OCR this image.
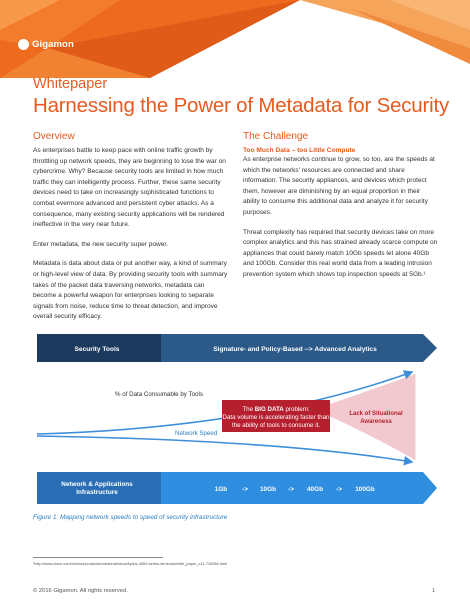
Gigamon
Whitepaper
Harnessing the Power of Metadata for Security
Overview

As enterprises battle to keep pace with online traffic growth by throttling up network speeds, they are beginning to lose the war on cybercrime. Why? Because security tools are limited in how much traffic they can intelligently process. Further, these same security devices need to take on increasingly sophisticated functions to combat evermore advanced and persistent cyber attacks. As a consequence, many existing security applications will be rendered ineffective in the very near future.

Enter metadata, the new security super power.

Metadata is data about data or put another way, a kind of summary or high-level view of data. By providing security tools with summary takes of the packet data traversing networks, metadata can become a powerful weapon for enterprises looking to separate signals from noise, reduce time to threat detection, and improve overall security efficacy.

The Challenge
Too Much Data – too Little Compute

As enterprise networks continue to grow, so too, are the speeds at which the networks' resources are connected and share information. The security appliances, and devices which protect them, however are diminishing by an equal proportion in their ability to consume this additional data and analyze it for security purposes.

Threat complexity has required that security devices take on more complex analytics and this has strained already scarce compute on appliances that could barely match 10Gb speeds let alone 40Gb and 100Gb. Consider this real world data from a leading intrusion prevention system which shows top inspection speeds at 5Gb.¹

Security Tools	Signature- and Policy-Based --> Advanced Analytics
% of Data Consumable by Tools
Network Speed
The BIG DATA problem:
Data volume is accelerating faster than
the ability of tools to consume it.
Lack of Situational
Awareness
Network & Applications
Infrastructure	1Gb -> 10Gb -> 40Gb -> 100Gb
Figure 1: Mapping network speeds to speed of security infrastructure
¹http://www.cisco.com/c/en/us/products/collateral/security/ips-4500-series-sensors/white_paper_c11-716084.html
© 2016 Gigamon. All rights reserved.	1
